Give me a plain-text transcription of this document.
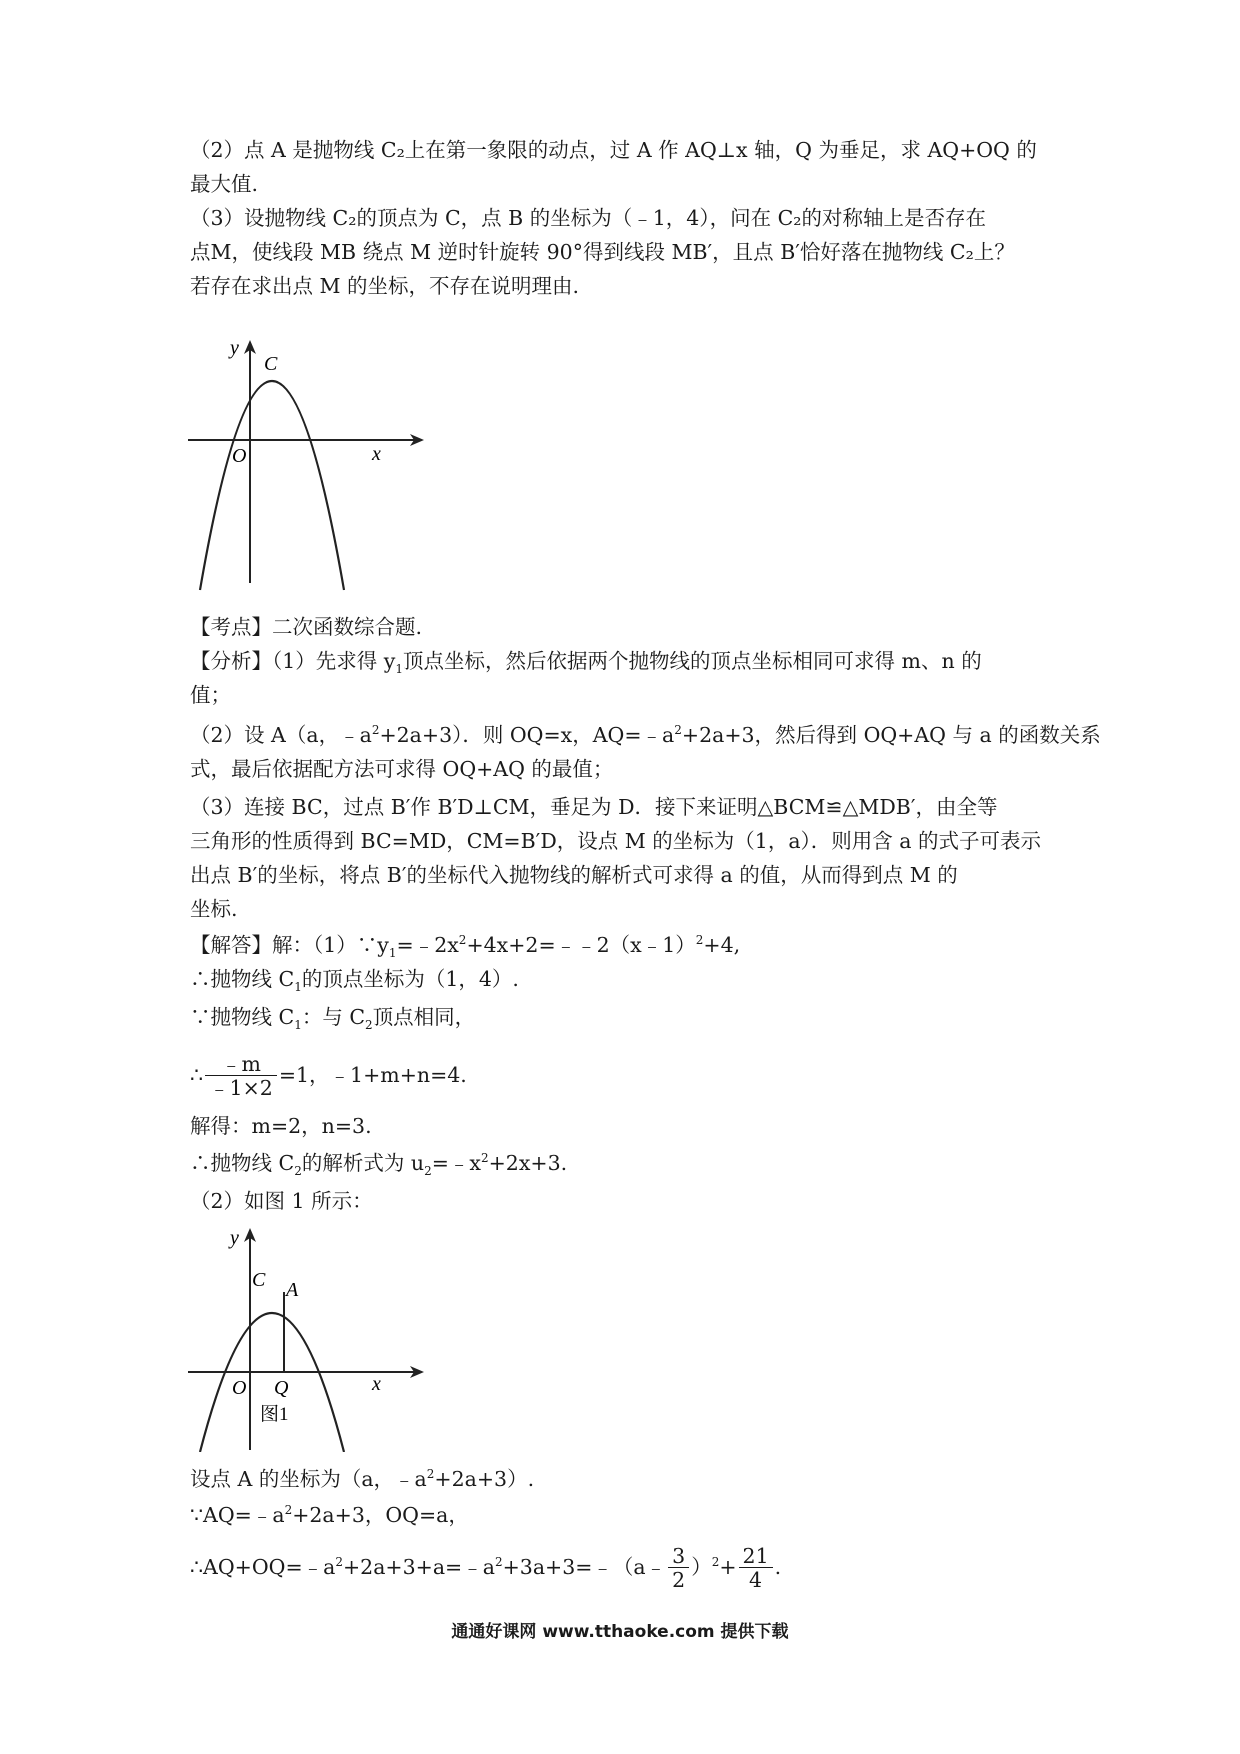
（2）点 A 是抛物线 C₂上在第一象限的动点，过 A 作 AQ⊥x 轴，Q 为垂足，求 AQ+OQ 的
最大值.
（3）设抛物线 C₂的顶点为 C，点 B 的坐标为（﹣1，4），问在 C₂的对称轴上是否存在
点M，使线段 MB 绕点 M 逆时针旋转 90°得到线段 MB′，且点 B′恰好落在抛物线 C₂上？
若存在求出点 M 的坐标，不存在说明理由.
y
C
O	x
【考点】二次函数综合题.
【分析】（1）先求得 $y_1$顶点坐标，然后依据两个抛物线的顶点坐标相同可求得 m、n 的
值；
（2）设 A（a，$﹣a^2+2a+3$）．则 OQ=x，$AQ=﹣a^2+2a+3$，然后得到 OQ+AQ 与 a 的函数关系
式，最后依据配方法可求得 OQ+AQ 的最值；
（3）连接 BC，过点 B′作 B′D⊥CM，垂足为 D．接下来证明△BCM≌△MDB′，由全等
三角形的性质得到 BC=MD，CM=B′D，设点 M 的坐标为（1，a）．则用含 a 的式子可表示
出点 B′的坐标，将点 B′的坐标代入抛物线的解析式可求得 a 的值，从而得到点 M 的
坐标.
【解答】解：$(1)\because y_1=﹣2x^2+4x+2=﹣﹣2(x﹣1)^2+4$,
∴抛物线 $C_1$的顶点坐标为（1，4）.
∵抛物线 $C_1$：与 $C_2$顶点相同，
∴ $\frac{﹣m}{﹣1\times 2} =1$，﹣1+m+n=4.
解得：m=2，n=3.
∴抛物线 $C_2$的解析式为 $u_2=﹣x^2+2x+3$.
（2）如图 1 所示：
y
C A
O Q	x
图1
设点 A 的坐标为（a，$﹣a^2+2a+3$）.
$\because AQ=﹣a^2+2a+3$，OQ=a，
$\therefore AQ+OQ=﹣a^2+2a+3+a=﹣a^2+3a+3=﹣(a﹣ \frac{3}{2} )^2+ \frac{21}{4}$ .
通通好课网 www.tthaoke.com 提供下载
